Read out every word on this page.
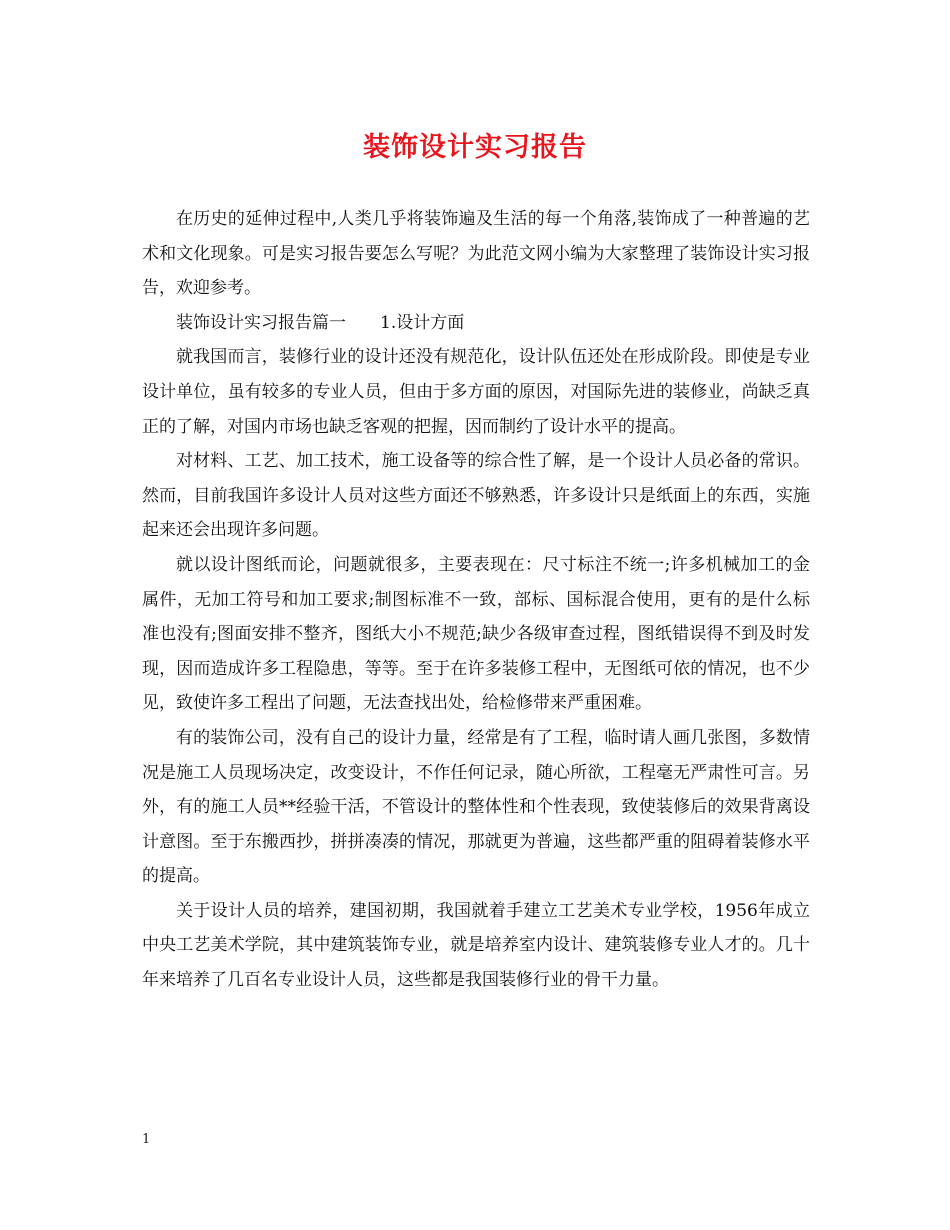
装饰设计实习报告

在历史的延伸过程中,人类几乎将装饰遍及生活的每一个角落,装饰成了一种普遍的艺术和文化现象。可是实习报告要怎么写呢？为此范文网小编为大家整理了装饰设计实习报告，欢迎参考。

装饰设计实习报告篇一　　1.设计方面

就我国而言，装修行业的设计还没有规范化，设计队伍还处在形成阶段。即使是专业设计单位，虽有较多的专业人员，但由于多方面的原因，对国际先进的装修业，尚缺乏真正的了解，对国内市场也缺乏客观的把握，因而制约了设计水平的提高。

对材料、工艺、加工技术，施工设备等的综合性了解，是一个设计人员必备的常识。然而，目前我国许多设计人员对这些方面还不够熟悉，许多设计只是纸面上的东西，实施起来还会出现许多问题。

就以设计图纸而论，问题就很多，主要表现在：尺寸标注不统一;许多机械加工的金属件，无加工符号和加工要求;制图标准不一致，部标、国标混合使用，更有的是什么标准也没有;图面安排不整齐，图纸大小不规范;缺少各级审查过程，图纸错误得不到及时发现，因而造成许多工程隐患，等等。至于在许多装修工程中，无图纸可依的情况，也不少见，致使许多工程出了问题，无法查找出处，给检修带来严重困难。

有的装饰公司，没有自己的设计力量，经常是有了工程，临时请人画几张图，多数情况是施工人员现场决定，改变设计，不作任何记录，随心所欲，工程毫无严肃性可言。另外，有的施工人员**经验干活，不管设计的整体性和个性表现，致使装修后的效果背离设计意图。至于东搬西抄，拼拼凑凑的情况，那就更为普遍，这些都严重的阻碍着装修水平的提高。

关于设计人员的培养，建国初期，我国就着手建立工艺美术专业学校，1956年成立中央工艺美术学院，其中建筑装饰专业，就是培养室内设计、建筑装修专业人才的。几十年来培养了几百名专业设计人员，这些都是我国装修行业的骨干力量。

1
